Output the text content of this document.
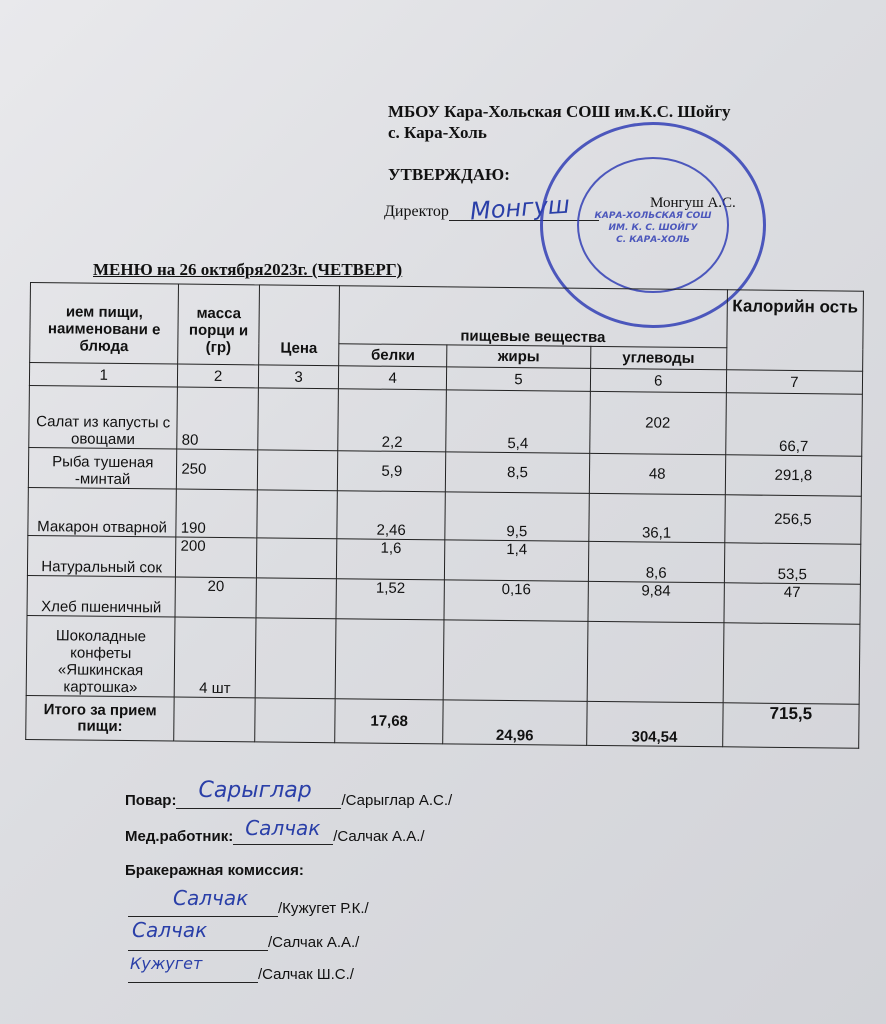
МБОУ Кара-Хольская СОШ им.К.С. Шойгу
с. Кара-Холь
УТВЕРЖДАЮ:
Директор Монгуш	Монгуш А.С.
КАРА-ХОЛЬСКАЯ СОШ
ИМ. К. С. ШОЙГУ
С. КАРА-ХОЛЬ
МЕНЮ на 26 октября2023г. (ЧЕТВЕРГ)
ием пищи, наименовани е блюда	масса порци и (гр)	Цена	пищевые вещества			Калорийн ость
			белки	жиры	углеводы	
1	2	3	4	5	6	7
Салат из капусты с овощами	80		2,2	5,4	202	66,7
Рыба тушеная -минтай	250		5,9	8,5	48	291,8
Макарон отварной	190		2,46	9,5	36,1	256,5
Натуральный сок	200		1,6	1,4	8,6	53,5
Хлеб пшеничный	20		1,52	0,16	9,84	47
Шоколадные конфеты «Яшкинская картошка»	4 шт					
Итого за прием пищи:			17,68	24,96	304,54	715,5
Повар: Сарыглар /Сарыглар А.С./
Мед.работник: Салчак /Салчак А.А./
Бракеражная комиссия:
Салчак /Кужугет Р.К./
Салчак
/Салчак А.А./
Кужугет
/Салчак Ш.С./
